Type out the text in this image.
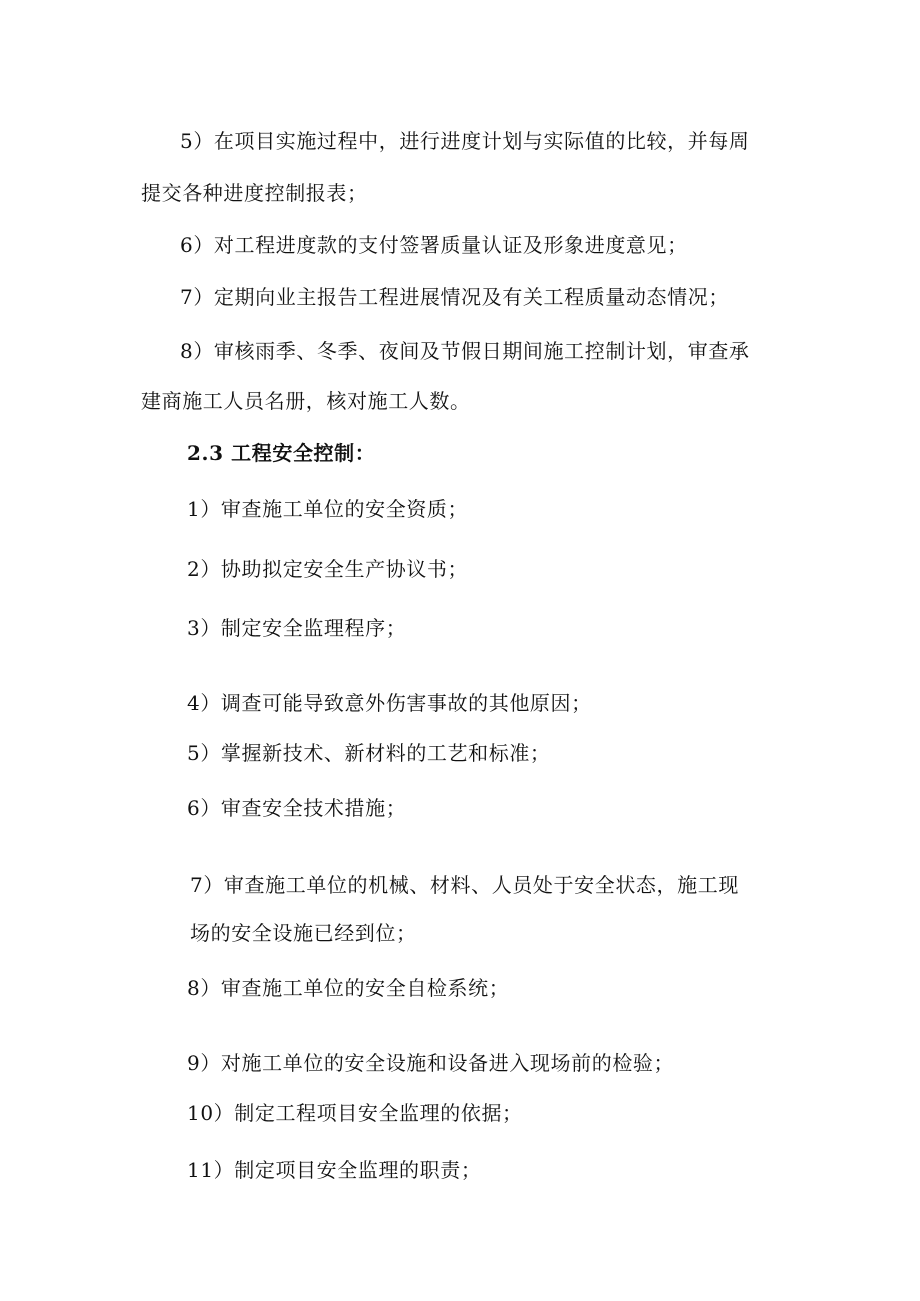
5）在项目实施过程中，进行进度计划与实际值的比较，并每周
提交各种进度控制报表；
6）对工程进度款的支付签署质量认证及形象进度意见；
7）定期向业主报告工程进展情况及有关工程质量动态情况；
8）审核雨季、冬季、夜间及节假日期间施工控制计划，审查承
建商施工人员名册，核对施工人数。
2.3 工程安全控制：
1）审查施工单位的安全资质；
2）协助拟定安全生产协议书；
3）制定安全监理程序；
4）调查可能导致意外伤害事故的其他原因；
5）掌握新技术、新材料的工艺和标准；
6）审查安全技术措施；
7）审查施工单位的机械、材料、人员处于安全状态，施工现
场的安全设施已经到位；
8）审查施工单位的安全自检系统；
9）对施工单位的安全设施和设备进入现场前的检验；
10）制定工程项目安全监理的依据；
11）制定项目安全监理的职责；
